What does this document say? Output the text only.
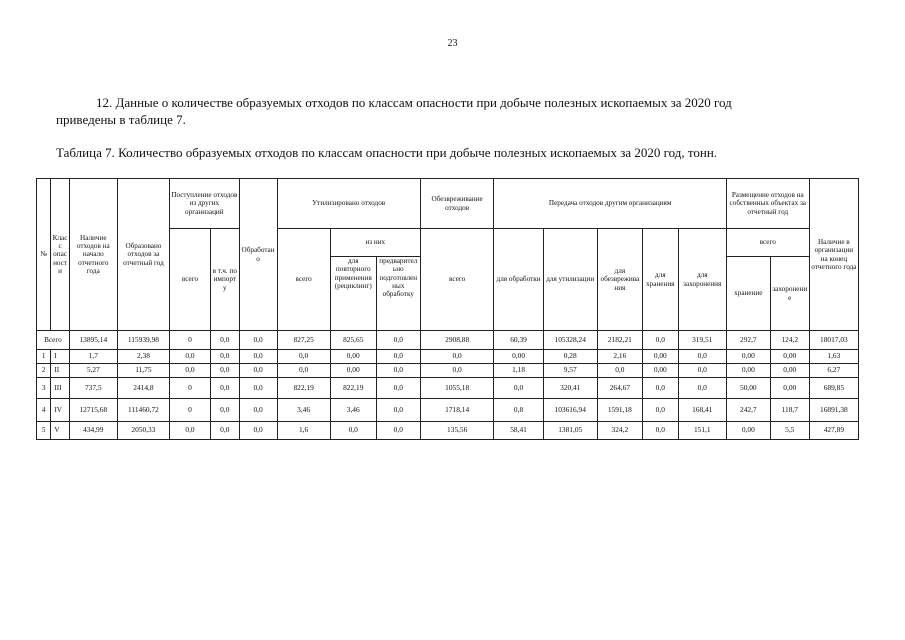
23
12. Данные о количестве образуемых отходов по классам опасности при добыче полезных ископаемых за 2020 год
приведены в таблице 7.
Таблица 7. Количество образуемых отходов по классам опасности при добыче полезных ископаемых за 2020 год, тонн.
№	Класс опасности	Наличие отходов на начало отчетного года	Образовано отходов за отчетный год	Поступление отходов из других организаций		Обработано	Утилизировано отходов			Обезвреживание отходов	Передача отходов другим организациям					Размещение отходов на собственных объектах за отчетный год		Наличие в организации на конец отчетного года
				всего	в т.ч. по импорту		всего	из них		всего	для обработки	для утилизации	для обезвреживания	для хранения	для захоронения	всего		
								для повторного применения (рециклинг)	предварительно подготовленных обработку							хранение	захоронение	
Всего		13895,14	115939,98	0	0,0	0,0	827,25	825,65	0,0	2908,88	60,39	105328,24	2182,21	0,0	319,51	292,7	124,2	18017,03
1	I	1,7	2,38	0,0	0,0	0,0	0,0	0,00	0,0	0,0	0,00	0,28	2,16	0,00	0,0	0,00	0,00	1,63
2	II	5,27	11,75	0,0	0,0	0,0	0,0	0,00	0,0	0,0	1,18	9,57	0,0	0,00	0,0	0,00	0,00	6,27
3	III	737,5	2414,8	0	0,0	0,0	822,19	822,19	0,0	1055,18	0,0	320,41	264,67	0,0	0,0	50,00	0,00	689,85
4	IV	12715,68	111460,72	0	0,0	0,0	3,46	3,46	0,0	1718,14	0,8	103616,94	1591,18	0,0	168,41	242,7	118,7	16891,38
5	V	434,99	2050,33	0,0	0,0	0,0	1,6	0,0	0,0	135,56	58,41	1381,05	324,2	0,0	151,1	0,00	5,5	427,89
